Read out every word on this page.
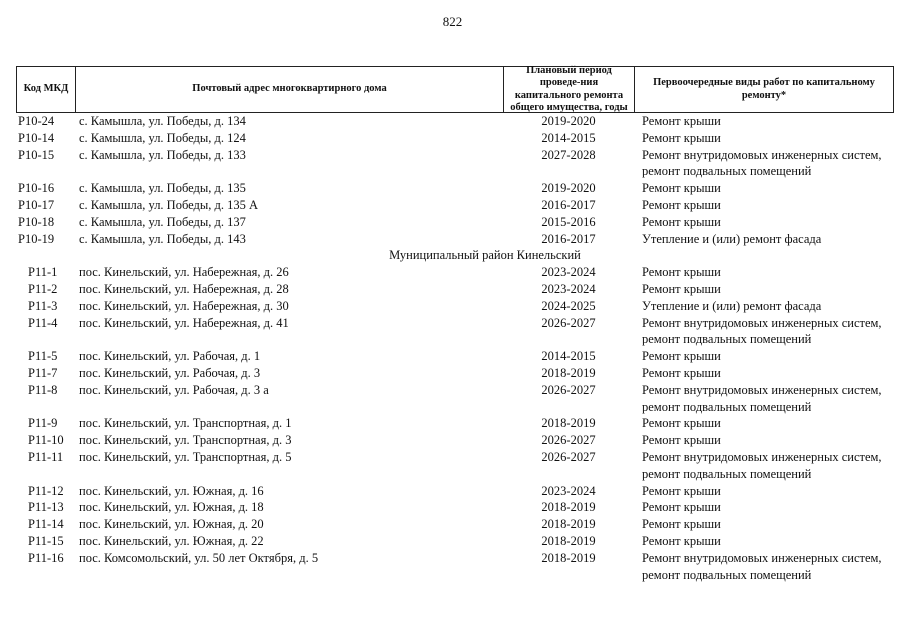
822
Код МКД	Почтовый адрес многоквартирного дома
Плановый период проведе-ния капитального ремонта общего имущества, годы
Первоочередные виды работ по капитальному ремонту*
Р10-24	с. Камышла, ул. Победы, д. 134	2019-2020	Ремонт крыши
Р10-14	с. Камышла, ул. Победы, д. 124	2014-2015	Ремонт крыши
Р10-15	с. Камышла, ул. Победы, д. 133	2027-2028	Ремонт внутридомовых инженерных систем,
ремонт подвальных помещений
Р10-16	с. Камышла, ул. Победы, д. 135	2019-2020	Ремонт крыши
Р10-17	с. Камышла, ул. Победы, д. 135 А	2016-2017	Ремонт крыши
Р10-18	с. Камышла, ул. Победы, д. 137	2015-2016	Ремонт крыши
Р10-19	с. Камышла, ул. Победы, д. 143	2016-2017	Утепление и (или) ремонт фасада
Муниципальный район Кинельский
Р11-1	пос. Кинельский, ул. Набережная, д. 26	2023-2024	Ремонт крыши
Р11-2	пос. Кинельский, ул. Набережная, д. 28	2023-2024	Ремонт крыши
Р11-3	пос. Кинельский, ул. Набережная, д. 30	2024-2025	Утепление и (или) ремонт фасада
Р11-4	пос. Кинельский, ул. Набережная, д. 41	2026-2027	Ремонт внутридомовых инженерных систем,
ремонт подвальных помещений
Р11-5	пос. Кинельский, ул. Рабочая, д. 1	2014-2015	Ремонт крыши
Р11-7	пос. Кинельский, ул. Рабочая, д. 3	2018-2019	Ремонт крыши
Р11-8	пос. Кинельский, ул. Рабочая, д. 3 а	2026-2027	Ремонт внутридомовых инженерных систем,
ремонт подвальных помещений
Р11-9	пос. Кинельский, ул. Транспортная, д. 1	2018-2019	Ремонт крыши
Р11-10	пос. Кинельский, ул. Транспортная, д. 3	2026-2027	Ремонт крыши
Р11-11	пос. Кинельский, ул. Транспортная, д. 5	2026-2027	Ремонт внутридомовых инженерных систем,
ремонт подвальных помещений
Р11-12	пос. Кинельский, ул. Южная, д. 16	2023-2024	Ремонт крыши
Р11-13	пос. Кинельский, ул. Южная, д. 18	2018-2019	Ремонт крыши
Р11-14	пос. Кинельский, ул. Южная, д. 20	2018-2019	Ремонт крыши
Р11-15	пос. Кинельский, ул. Южная, д. 22	2018-2019	Ремонт крыши
Р11-16	пос. Комсомольский, ул. 50 лет Октября, д. 5	2018-2019	Ремонт внутридомовых инженерных систем,
ремонт подвальных помещений
